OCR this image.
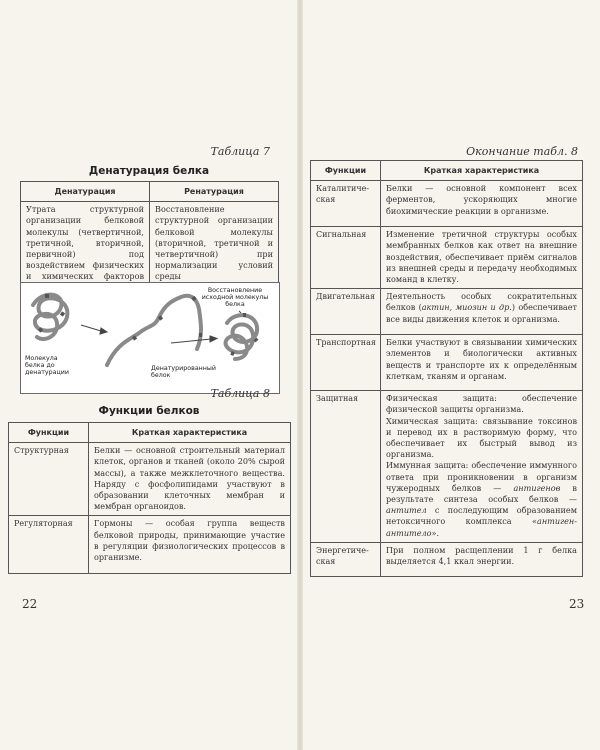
Таблица 7
Денатурация белка
Денатурация	Ренатурация
Утрата структурной организации белковой молекулы (четвертичной, третичной, вторичной, первичной) под воздействием физических и химических факторов	Восстановление структурной организации белковой молекулы (вторичной, третичной и четвертичной) при нормализации условий среды
Восстановление исходной молекулы белка
Молекула белка до денатурации
Денатурированный белок
Таблица 8
Функции белков
Функции	Краткая характеристика
Структурная	Белки — основной строительный материал клеток, органов и тканей (около 20% сырой массы), а также межклеточного вещества. Наряду с фосфолипидами участвуют в образовании клеточных мембран и мембран органоидов.
Регуляторная	Гормоны — особая группа веществ белковой природы, принимающие участие в регуляции физиологических процессов в организме.
22
Окончание табл. 8
Функции	Краткая характеристика
Каталитиче-
ская	Белки — основной компонент всех ферментов, ускоряющих многие биохимические реакции в организме.
Сигнальная	Изменение третичной структуры особых мембранных белков как ответ на внешние воздействия, обеспечивает приём сигналов из внешней среды и передачу необходимых команд в клетку.
Двигательная	Деятельность особых сократительных белков (актин, миозин и др.) обеспечивает все виды движения клеток и организма.
Транспортная	Белки участвуют в связывании химических элементов и биологически активных веществ и транспорте их к определённым клеткам, тканям и органам.
Защитная	Физическая защита: обеспечение физической защиты организма.
Химическая защита: связывание токсинов и перевод их в растворимую форму, что обеспечивает их быстрый вывод из организма.
Иммунная защита: обеспечение иммунного ответа при проникновении в организм чужеродных белков — антигенов в результате синтеза особых белков — антител с последующим образованием нетоксичного комплекса «антиген-антитело».

Энергетиче-
ская	При полном расщеплении 1 г белка выделяется 4,1 ккал энергии.
23
